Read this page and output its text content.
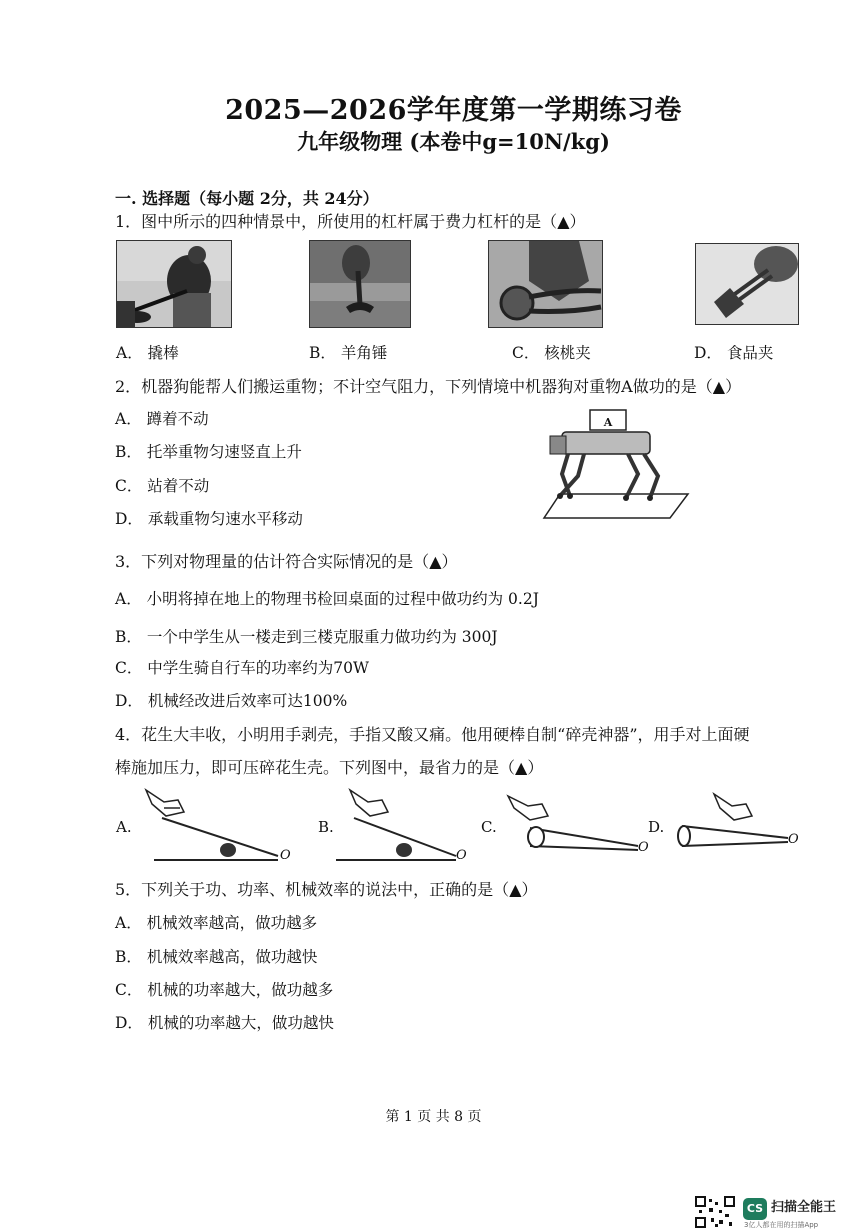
2025—2026学年度第一学期练习卷
九年级物理 (本卷中g=10N/kg)
一. 选择题（每小题 2分，共 24分）
1．图中所示的四种情景中，所使用的杠杆属于费力杠杆的是（▲）
A． 撬棒	B． 羊角锤	C． 核桃夹	D． 食品夹
2．机器狗能帮人们搬运重物；不计空气阻力，下列情境中机器狗对重物A做功的是（▲）
A． 蹲着不动
B． 托举重物匀速竖直上升
C． 站着不动
D． 承载重物匀速水平移动
A
3．下列对物理量的估计符合实际情况的是（▲）
A． 小明将掉在地上的物理书检回桌面的过程中做功约为 0.2J
B． 一个中学生从一楼走到三楼克服重力做功约为 300J
C． 中学生骑自行车的功率约为70W
D． 机械经改进后效率可达100%
4．花生大丰收，小明用手剥壳，手指又酸又痛。他用硬棒自制“碎壳神器”，用手对上面硬
棒施加压力，即可压碎花生壳。下列图中，最省力的是（▲）
A.
O
B.
O
C.
O
D.
O
5．下列关于功、功率、机械效率的说法中，正确的是（▲）
A． 机械效率越高，做功越多
B． 机械效率越高，做功越快
C． 机械的功率越大，做功越多
D． 机械的功率越大，做功越快
第 1 页 共 8 页
CS 扫描全能王
3亿人都在用的扫描App
